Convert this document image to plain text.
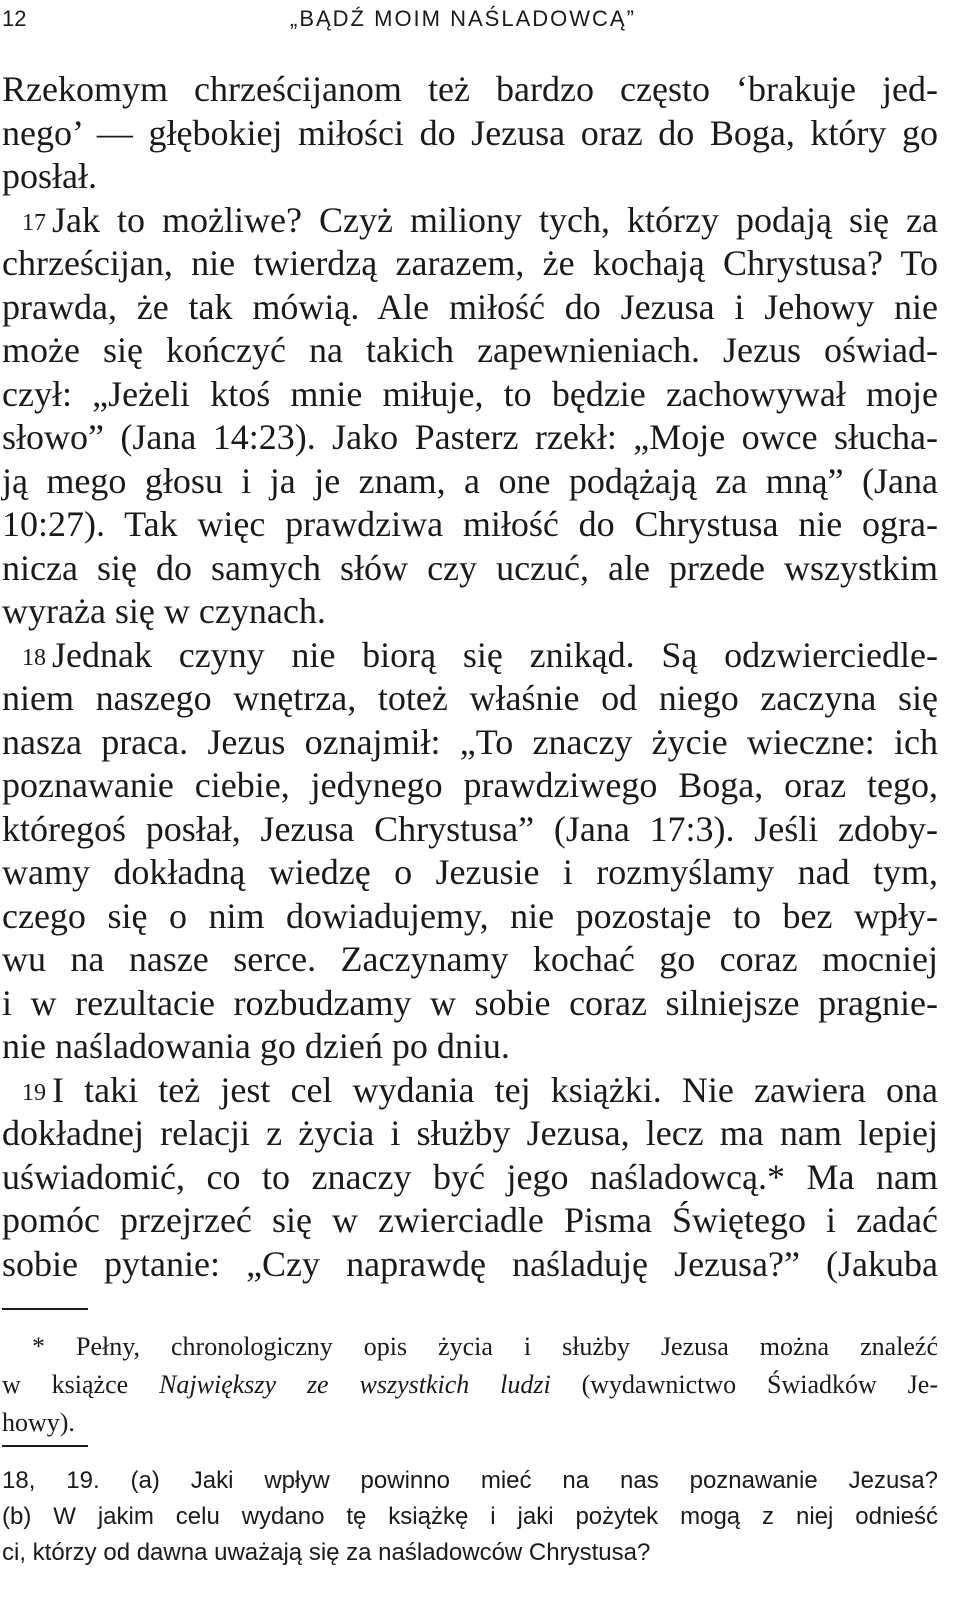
12	„BĄDŹ MOIM NAŚLADOWCĄ”

Rzekomym chrześcijanom też bardzo często ‘brakuje jed-
nego’ — głębokiej miłości do Jezusa oraz do Boga, który go
posłał.

$^{17}$ Jak to możliwe? Czyż miliony tych, którzy podają się za
chrześcijan, nie twierdzą zarazem, że kochają Chrystusa? To
prawda, że tak mówią. Ale miłość do Jezusa i Jehowy nie
może się kończyć na takich zapewnieniach. Jezus oświad-
czył: „Jeżeli ktoś mnie miłuje, to będzie zachowywał moje
słowo” (Jana 14:23). Jako Pasterz rzekł: „Moje owce słucha-
ją mego głosu i ja je znam, a one podążają za mną” (Jana
10:27). Tak więc prawdziwa miłość do Chrystusa nie ogra-
nicza się do samych słów czy uczuć, ale przede wszystkim
wyraża się w czynach.

$^{18}$ Jednak czyny nie biorą się znikąd. Są odzwierciedle-
niem naszego wnętrza, toteż właśnie od niego zaczyna się
nasza praca. Jezus oznajmił: „To znaczy życie wieczne: ich
poznawanie ciebie, jedynego prawdziwego Boga, oraz tego,
któregoś posłał, Jezusa Chrystusa” (Jana 17:3). Jeśli zdoby-
wamy dokładną wiedzę o Jezusie i rozmyślamy nad tym,
czego się o nim dowiadujemy, nie pozostaje to bez wpły-
wu na nasze serce. Zaczynamy kochać go coraz mocniej
i w rezultacie rozbudzamy w sobie coraz silniejsze pragnie-
nie naśladowania go dzień po dniu.

$^{19}$ I taki też jest cel wydania tej książki. Nie zawiera ona
dokładnej relacji z życia i służby Jezusa, lecz ma nam lepiej
uświadomić, co to znaczy być jego naśladowcą.* Ma nam
pomóc przejrzeć się w zwierciadle Pisma Świętego i zadać
sobie pytanie: „Czy naprawdę naśladuję Jezusa?” (Jakuba

* Pełny, chronologiczny opis życia i służby Jezusa można znaleźć
w książce Największy ze wszystkich ludzi (wydawnictwo Świadków Je-
howy).
18, 19. (a) Jaki wpływ powinno mieć na nas poznawanie Jezusa?
(b) W jakim celu wydano tę książkę i jaki pożytek mogą z niej odnieść
ci, którzy od dawna uważają się za naśladowców Chrystusa?
